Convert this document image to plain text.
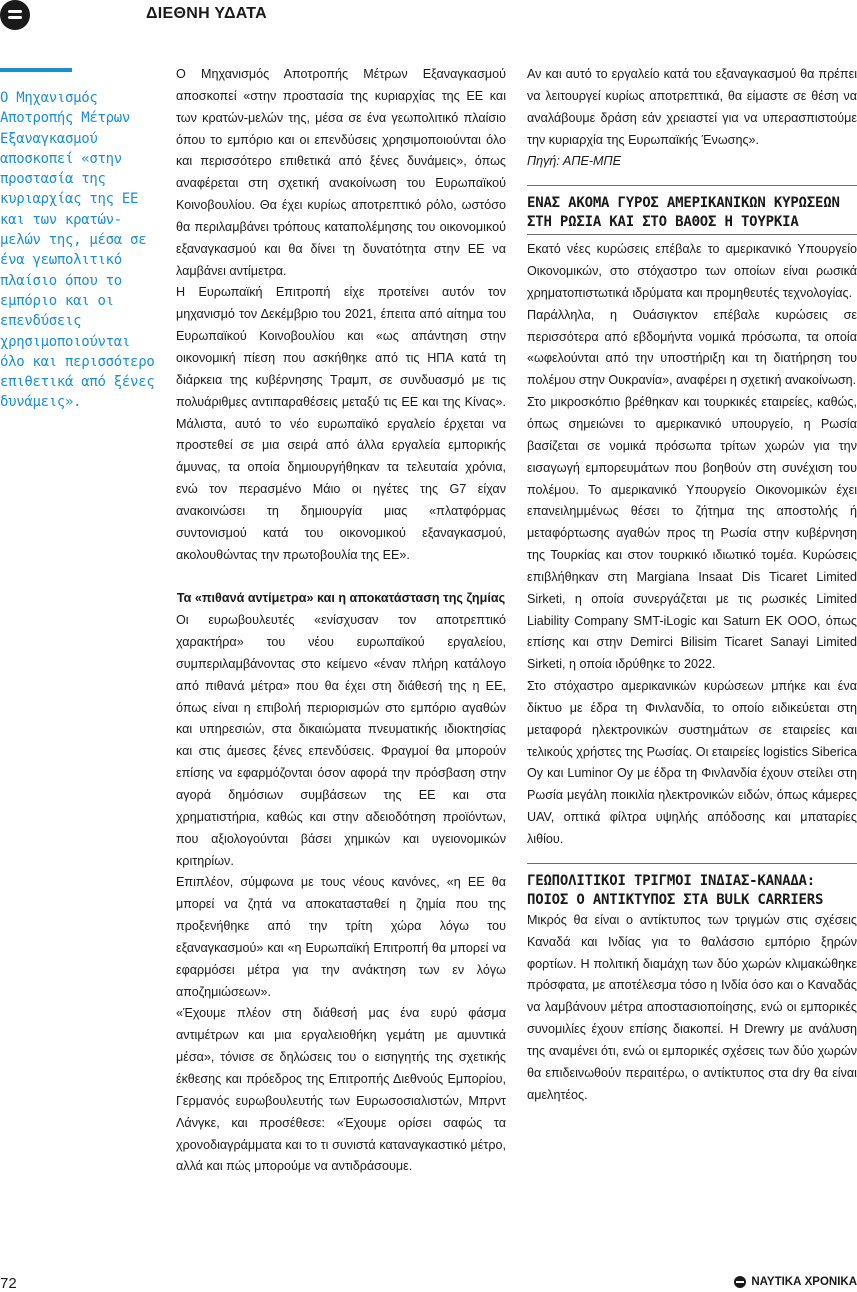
ΔΙΕΘΝΗ ΥΔΑΤΑ

Ο Μηχανισμός Αποτροπής Μέτρων Εξαναγκασμού αποσκοπεί «στην προστασία της κυριαρχίας της ΕΕ και των κρατών-μελών της, μέσα σε ένα γεωπολιτικό πλαίσιο όπου το εμπόριο και οι επενδύσεις χρησιμοποιούνται όλο και περισσότερο επιθετικά από ξένες δυνάμεις».

Ο Μηχανισμός Αποτροπής Μέτρων Εξαναγκασμού αποσκοπεί «στην προστασία της κυριαρχίας της ΕΕ και των κρατών-μελών της, μέσα σε ένα γεωπολιτικό πλαίσιο όπου το εμπόριο και οι επενδύσεις χρησιμοποιούνται όλο και περισσότερο επιθετικά από ξένες δυνάμεις», όπως αναφέρεται στη σχετική ανακοίνωση του Ευρωπαϊκού Κοινοβουλίου. Θα έχει κυρίως αποτρεπτικό ρόλο, ωστόσο θα περιλαμβάνει τρόπους καταπολέμησης του οικονομικού εξαναγκασμού και θα δίνει τη δυνατότητα στην ΕΕ να λαμβάνει αντίμετρα.

Η Ευρωπαϊκή Επιτροπή είχε προτείνει αυτόν τον μηχανισμό τον Δεκέμβριο του 2021, έπειτα από αίτημα του Ευρωπαϊκού Κοινοβουλίου και «ως απάντηση στην οικονομική πίεση που ασκήθηκε από τις ΗΠΑ κατά τη διάρκεια της κυβέρνησης Τραμπ, σε συνδυασμό με τις πολυάριθμες αντιπαραθέσεις μεταξύ τις ΕΕ και της Κίνας». Μάλιστα, αυτό το νέο ευρωπαϊκό εργαλείο έρχεται να προστεθεί σε μια σειρά από άλλα εργαλεία εμπορικής άμυνας, τα οποία δημιουργήθηκαν τα τελευταία χρόνια, ενώ τον περασμένο Μάιο οι ηγέτες της G7 είχαν ανακοινώσει τη δημιουργία μιας «πλατφόρμας συντονισμού κατά του οικονομικού εξαναγκασμού, ακολουθώντας την πρωτοβουλία της ΕΕ».

Τα «πιθανά αντίμετρα» και η αποκατάσταση της ζημίας

Οι ευρωβουλευτές «ενίσχυσαν τον αποτρεπτικό χαρακτήρα» του νέου ευρωπαϊκού εργαλείου, συμπεριλαμβάνοντας στο κείμενο «έναν πλήρη κατάλογο από πιθανά μέτρα» που θα έχει στη διάθεσή της η ΕΕ, όπως είναι η επιβολή περιορισμών στο εμπόριο αγαθών και υπηρεσιών, στα δικαιώματα πνευματικής ιδιοκτησίας και στις άμεσες ξένες επενδύσεις. Φραγμοί θα μπορούν επίσης να εφαρμόζονται όσον αφορά την πρόσβαση στην αγορά δημόσιων συμβάσεων της ΕΕ και στα χρηματιστήρια, καθώς και στην αδειοδότηση προϊόντων, που αξιολογούνται βάσει χημικών και υγειονομικών κριτηρίων.

Επιπλέον, σύμφωνα με τους νέους κανόνες, «η ΕΕ θα μπορεί να ζητά να αποκατασταθεί η ζημία που της προξενήθηκε από την τρίτη χώρα λόγω του εξαναγκασμού» και «η Ευρωπαϊκή Επιτροπή θα μπορεί να εφαρμόσει μέτρα για την ανάκτηση των εν λόγω αποζημιώσεων».

«Έχουμε πλέον στη διάθεσή μας ένα ευρύ φάσμα αντιμέτρων και μια εργαλειοθήκη γεμάτη με αμυντικά μέσα», τόνισε σε δηλώσεις του ο εισηγητής της σχετικής έκθεσης και πρόεδρος της Επιτροπής Διεθνούς Εμπορίου, Γερμανός ευρωβουλευτής των Ευρωσοσιαλιστών, Μπρντ Λάνγκε, και προσέθεσε: «Έχουμε ορίσει σαφώς τα χρονοδιαγράμματα και το τι συνιστά καταναγκαστικό μέτρο, αλλά και πώς μπορούμε να αντιδράσουμε.

Αν και αυτό το εργαλείο κατά του εξαναγκασμού θα πρέπει να λειτουργεί κυρίως αποτρεπτικά, θα είμαστε σε θέση να αναλάβουμε δράση εάν χρειαστεί για να υπερασπιστούμε την κυριαρχία της Ευρωπαϊκής Ένωσης».

Πηγή: ΑΠΕ-ΜΠΕ

ΕΝΑΣ ΑΚΟΜΑ ΓΥΡΟΣ ΑΜΕΡΙΚΑΝΙΚΩΝ ΚΥΡΩΣΕΩΝ ΣΤΗ ΡΩΣΙΑ ΚΑΙ ΣΤΟ ΒΑΘΟΣ Η ΤΟΥΡΚΙΑ

Εκατό νέες κυρώσεις επέβαλε το αμερικανικό Υπουργείο Οικονομικών, στο στόχαστρο των οποίων είναι ρωσικά χρηματοπιστωτικά ιδρύματα και προμηθευτές τεχνολογίας.

Παράλληλα, η Ουάσιγκτον επέβαλε κυρώσεις σε περισσότερα από εβδομήντα νομικά πρόσωπα, τα οποία «ωφελούνται από την υποστήριξη και τη διατήρηση του πολέμου στην Ουκρανία», αναφέρει η σχετική ανακοίνωση.

Στο μικροσκόπιο βρέθηκαν και τουρκικές εταιρείες, καθώς, όπως σημειώνει το αμερικανικό υπουργείο, η Ρωσία βασίζεται σε νομικά πρόσωπα τρίτων χωρών για την εισαγωγή εμπορευμάτων που βοηθούν στη συνέχιση του πολέμου. Το αμερικανικό Υπουργείο Οικονομικών έχει επανειλημμένως θέσει το ζήτημα της αποστολής ή μεταφόρτωσης αγαθών προς τη Ρωσία στην κυβέρνηση της Τουρκίας και στον τουρκικό ιδιωτικό τομέα. Κυρώσεις επιβλήθηκαν στη Margiana Insaat Dis Ticaret Limited Sirketi, η οποία συνεργάζεται με τις ρωσικές Limited Liability Company SMT-iLogic και Saturn EK OOO, όπως επίσης και στην Demirci Bilisim Ticaret Sanayi Limited Sirketi, η οποία ιδρύθηκε το 2022.

Στο στόχαστρο αμερικανικών κυρώσεων μπήκε και ένα δίκτυο με έδρα τη Φινλανδία, το οποίο ειδικεύεται στη μεταφορά ηλεκτρονικών συστημάτων σε εταιρείες και τελικούς χρήστες της Ρωσίας. Οι εταιρείες logistics Siberica Oy και Luminor Oy με έδρα τη Φινλανδία έχουν στείλει στη Ρωσία μεγάλη ποικιλία ηλεκτρονικών ειδών, όπως κάμερες UAV, οπτικά φίλτρα υψηλής απόδοσης και μπαταρίες λιθίου.

ΓΕΩΠΟΛΙΤΙΚΟΙ ΤΡΙΓΜΟΙ ΙΝΔΙΑΣ-ΚΑΝΑΔΑ: ΠΟΙΟΣ Ο ΑΝΤΙΚΤΥΠΟΣ ΣΤΑ BULK CARRIERS

Μικρός θα είναι ο αντίκτυπος των τριγμών στις σχέσεις Καναδά και Ινδίας για το θαλάσσιο εμπόριο ξηρών φορτίων. Η πολιτική διαμάχη των δύο χωρών κλιμακώθηκε πρόσφατα, με αποτέλεσμα τόσο η Ινδία όσο και ο Καναδάς να λαμβάνουν μέτρα αποστασιοποίησης, ενώ οι εμπορικές συνομιλίες έχουν επίσης διακοπεί. Η Drewry με ανάλυση της αναμένει ότι, ενώ οι εμπορικές σχέσεις των δύο χωρών θα επιδεινωθούν περαιτέρω, ο αντίκτυπος στα dry θα είναι αμελητέος.

72	ΝΑΥΤΙΚΑ ΧΡΟΝΙΚΑ
